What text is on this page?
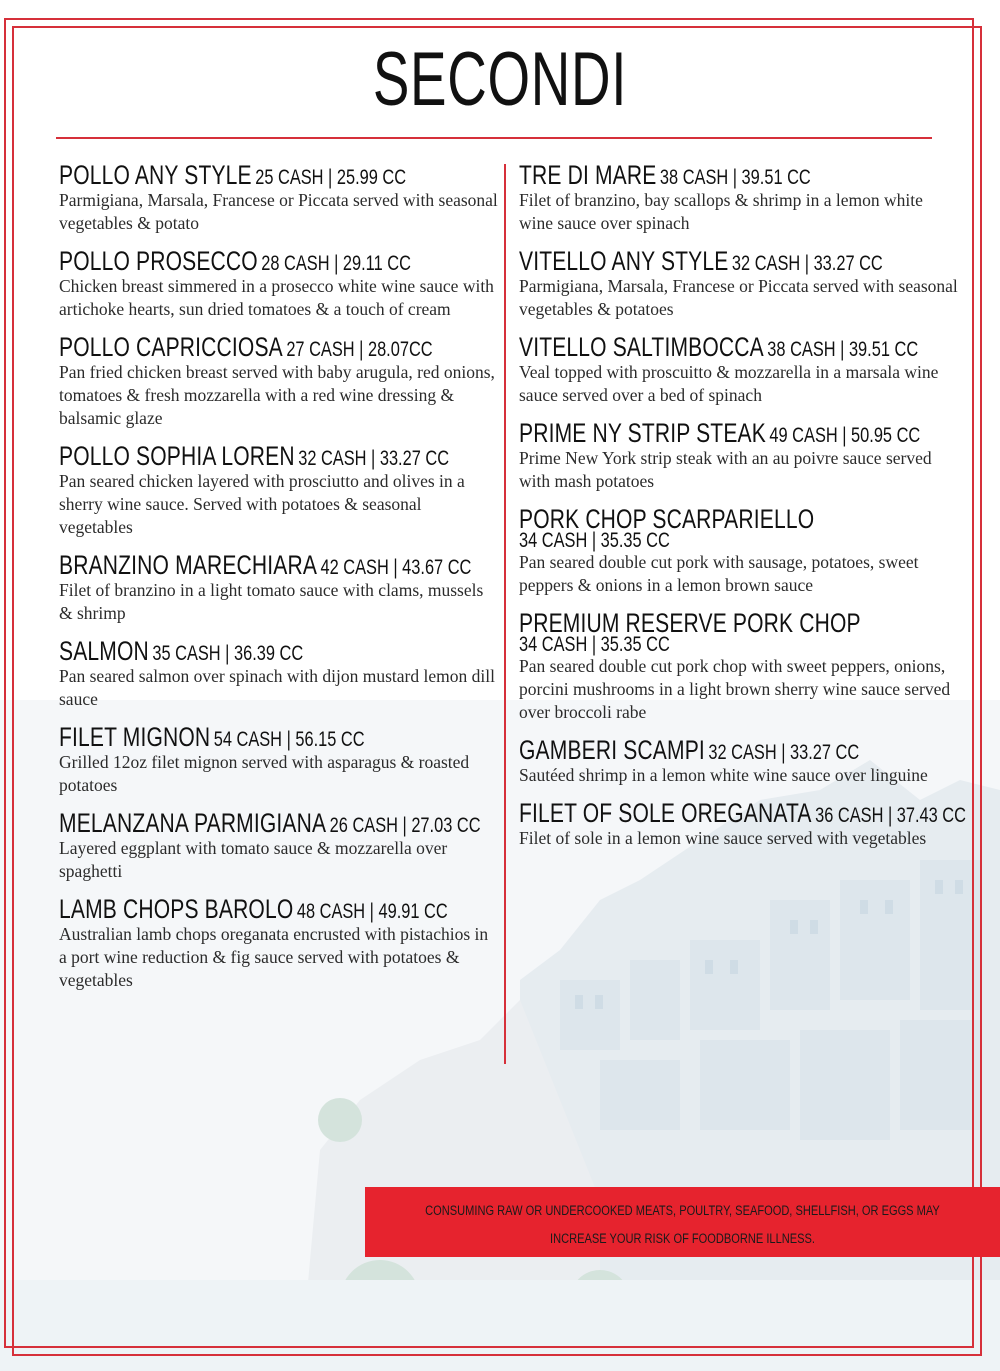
SECONDI
POLLO ANY STYLE 25 CASH | 25.99 CC
Parmigiana, Marsala, Francese or Piccata served with seasonal vegetables & potato
POLLO PROSECCO 28 CASH | 29.11 CC
Chicken breast simmered in a prosecco white wine sauce with artichoke hearts, sun dried tomatoes & a touch of cream
POLLO CAPRICCIOSA 27 CASH | 28.07CC
Pan fried chicken breast served with baby arugula, red onions, tomatoes & fresh mozzarella with a red wine dressing & balsamic glaze
POLLO SOPHIA LOREN 32 CASH | 33.27 CC
Pan seared chicken layered with prosciutto and olives in a sherry wine sauce. Served with potatoes & seasonal vegetables
BRANZINO MARECHIARA 42 CASH | 43.67 CC
Filet of branzino in a light tomato sauce with clams, mussels & shrimp
SALMON 35 CASH | 36.39 CC
Pan seared salmon over spinach with dijon mustard lemon dill sauce
FILET MIGNON 54 CASH | 56.15 CC
Grilled 12oz filet mignon served with asparagus & roasted potatoes
MELANZANA PARMIGIANA 26 CASH | 27.03 CC
Layered eggplant with tomato sauce & mozzarella over spaghetti
LAMB CHOPS BAROLO 48 CASH | 49.91 CC
Australian lamb chops oreganata encrusted with pistachios in a port wine reduction & fig sauce served with potatoes & vegetables
TRE DI MARE 38 CASH | 39.51 CC
Filet of branzino, bay scallops & shrimp in a lemon white wine sauce over spinach
VITELLO ANY STYLE 32 CASH | 33.27 CC
Parmigiana, Marsala, Francese or Piccata served with seasonal vegetables & potatoes
VITELLO SALTIMBOCCA 38 CASH | 39.51 CC
Veal topped with proscuitto & mozzarella in a marsala wine sauce served over a bed of spinach
PRIME NY STRIP STEAK 49 CASH | 50.95 CC
Prime New York strip steak with an au poivre sauce served with mash potatoes
PORK CHOP SCARPARIELLO
34 CASH | 35.35 CC
Pan seared double cut pork with sausage, potatoes, sweet peppers & onions in a lemon brown sauce
PREMIUM RESERVE PORK CHOP
34 CASH | 35.35 CC
Pan seared double cut pork chop with sweet peppers, onions, porcini mushrooms in a light brown sherry wine sauce served over broccoli rabe
GAMBERI SCAMPI 32 CASH | 33.27 CC
Sautéed shrimp in a lemon white wine sauce over linguine
FILET OF SOLE OREGANATA 36 CASH | 37.43 CC
Filet of sole in a lemon wine sauce served with vegetables
CONSUMING RAW OR UNDERCOOKED MEATS, POULTRY, SEAFOOD, SHELLFISH, OR EGGS MAY
INCREASE YOUR RISK OF FOODBORNE ILLNESS.
